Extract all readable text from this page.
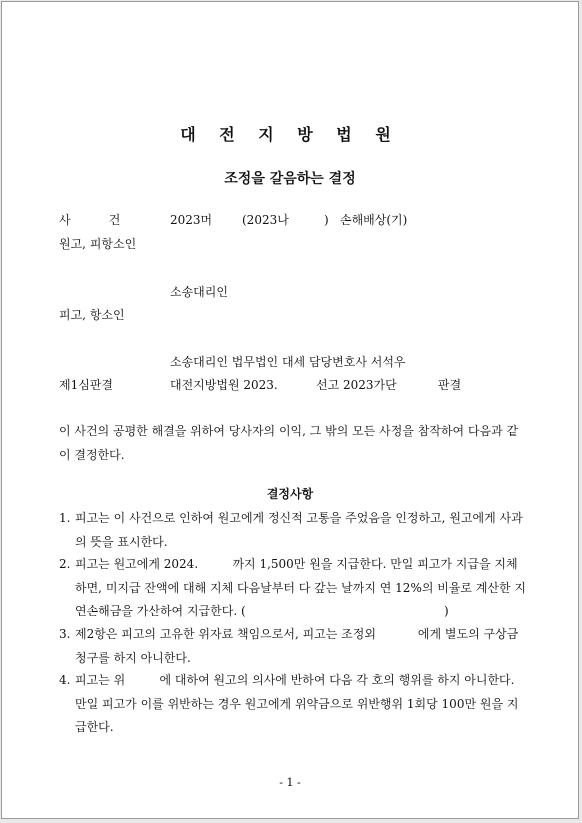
대 전 지 방 법 원
조정을 갈음하는 결정
사          건	2023머 (2023나	) 손해배상(기)
원고, 피항소인
소송대리인
피고, 항소인
소송대리인 법무법인 대세 담당변호사 서석우
제1심판결	대전지방법원 2023.	선고 2023가단	판결
이 사건의 공평한 해결을 위하여 당사자의 이익, 그 밖의 모든 사정을 참작하여 다음과 같이 결정한다.
결정사항
1. 피고는 이 사건으로 인하여 원고에게 정신적 고통을 주었음을 인정하고, 원고에게 사과의 뜻을 표시한다.
2. 피고는 원고에게 2024.         까지 1,500만 원을 지급한다. 만일 피고가 지급을 지체하면, 미지급 잔액에 대해 지체 다음날부터 다 갚는 날까지 연 12%의 비율로 계산한 지연손해금을 가산하여 지급한다. (                                                    )
3. 제2항은 피고의 고유한 위자료 책임으로서, 피고는 조정외           에게 별도의 구상금 청구를 하지 아니한다.
4. 피고는 위         에 대하여 원고의 의사에 반하여 다음 각 호의 행위를 하지 아니한다. 만일 피고가 이를 위반하는 경우 원고에게 위약금으로 위반행위 1회당 100만 원을 지급한다.
- 1 -
